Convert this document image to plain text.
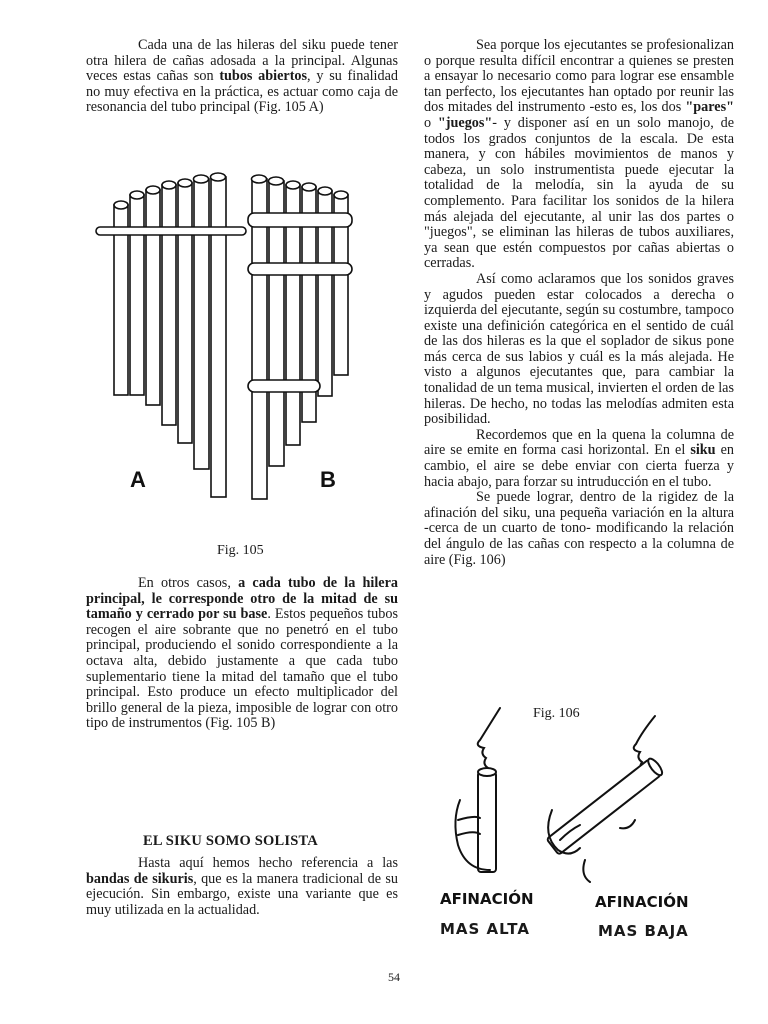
Cada una de las hileras del siku puede tener otra hilera de cañas adosada a la principal. Algunas veces estas cañas son tubos abiertos, y su finalidad no muy efectiva en la práctica, es actuar como caja de resonancia del tubo principal (Fig. 105 A)

A	B
Fig. 105

En otros casos, a cada tubo de la hilera principal, le corresponde otro de la mitad de su tamaño y cerrado por su base. Estos pequeños tubos recogen el aire sobrante que no penetró en el tubo principal, produciendo el sonido correspondiente a la octava alta, debido justamente a que cada tubo suplementario tiene la mitad del tamaño que el tubo principal. Esto produce un efecto multiplicador del brillo general de la pieza, imposible de lograr con otro tipo de instrumentos (Fig. 105 B)

EL SIKU SOMO SOLISTA

Hasta aquí hemos hecho referencia a las bandas de sikuris, que es la manera tradicional de su ejecución. Sin embargo, existe una variante que es muy utilizada en la actualidad.

Sea porque los ejecutantes se profesionalizan o porque resulta difícil encontrar a quienes se presten a ensayar lo necesario como para lograr ese ensamble tan perfecto, los ejecutantes han optado por reunir las dos mitades del instrumento -esto es, los dos "pares" o "juegos"- y disponer así en un solo manojo, de todos los grados conjuntos de la escala. De esta manera, y con hábiles movimientos de manos y cabeza, un solo instrumentista puede ejecutar la totalidad de la melodía, sin la ayuda de su complemento. Para facilitar los sonidos de la hilera más alejada del ejecutante, al unir las dos partes o "juegos", se eliminan las hileras de tubos auxiliares, ya sean que estén compuestos por cañas abiertas o cerradas.

Así como aclaramos que los sonidos graves y agudos pueden estar colocados a derecha o izquierda del ejecutante, según su costumbre, tampoco existe una definición categórica en el sentido de cuál de las dos hileras es la que el soplador de sikus pone más cerca de sus labios y cuál es la más alejada. He visto a algunos ejecutantes que, para cambiar la tonalidad de un tema musical, invierten el orden de las hileras. De hecho, no todas las melodías admiten esta posibilidad.

Recordemos que en la quena la columna de aire se emite en forma casi horizontal. En el siku en cambio, el aire se debe enviar con cierta fuerza y hacia abajo, para forzar su intruducción en el tubo.

Se puede lograr, dentro de la rigidez de la afinación del siku, una pequeña variación en la altura -cerca de un cuarto de tono- modificando la relación del ángulo de las cañas con respecto a la columna de aire (Fig. 106)

Fig. 106
AFINACIÓN	AFINACIÓN
MAS ALTA	MAS BAJA
54
